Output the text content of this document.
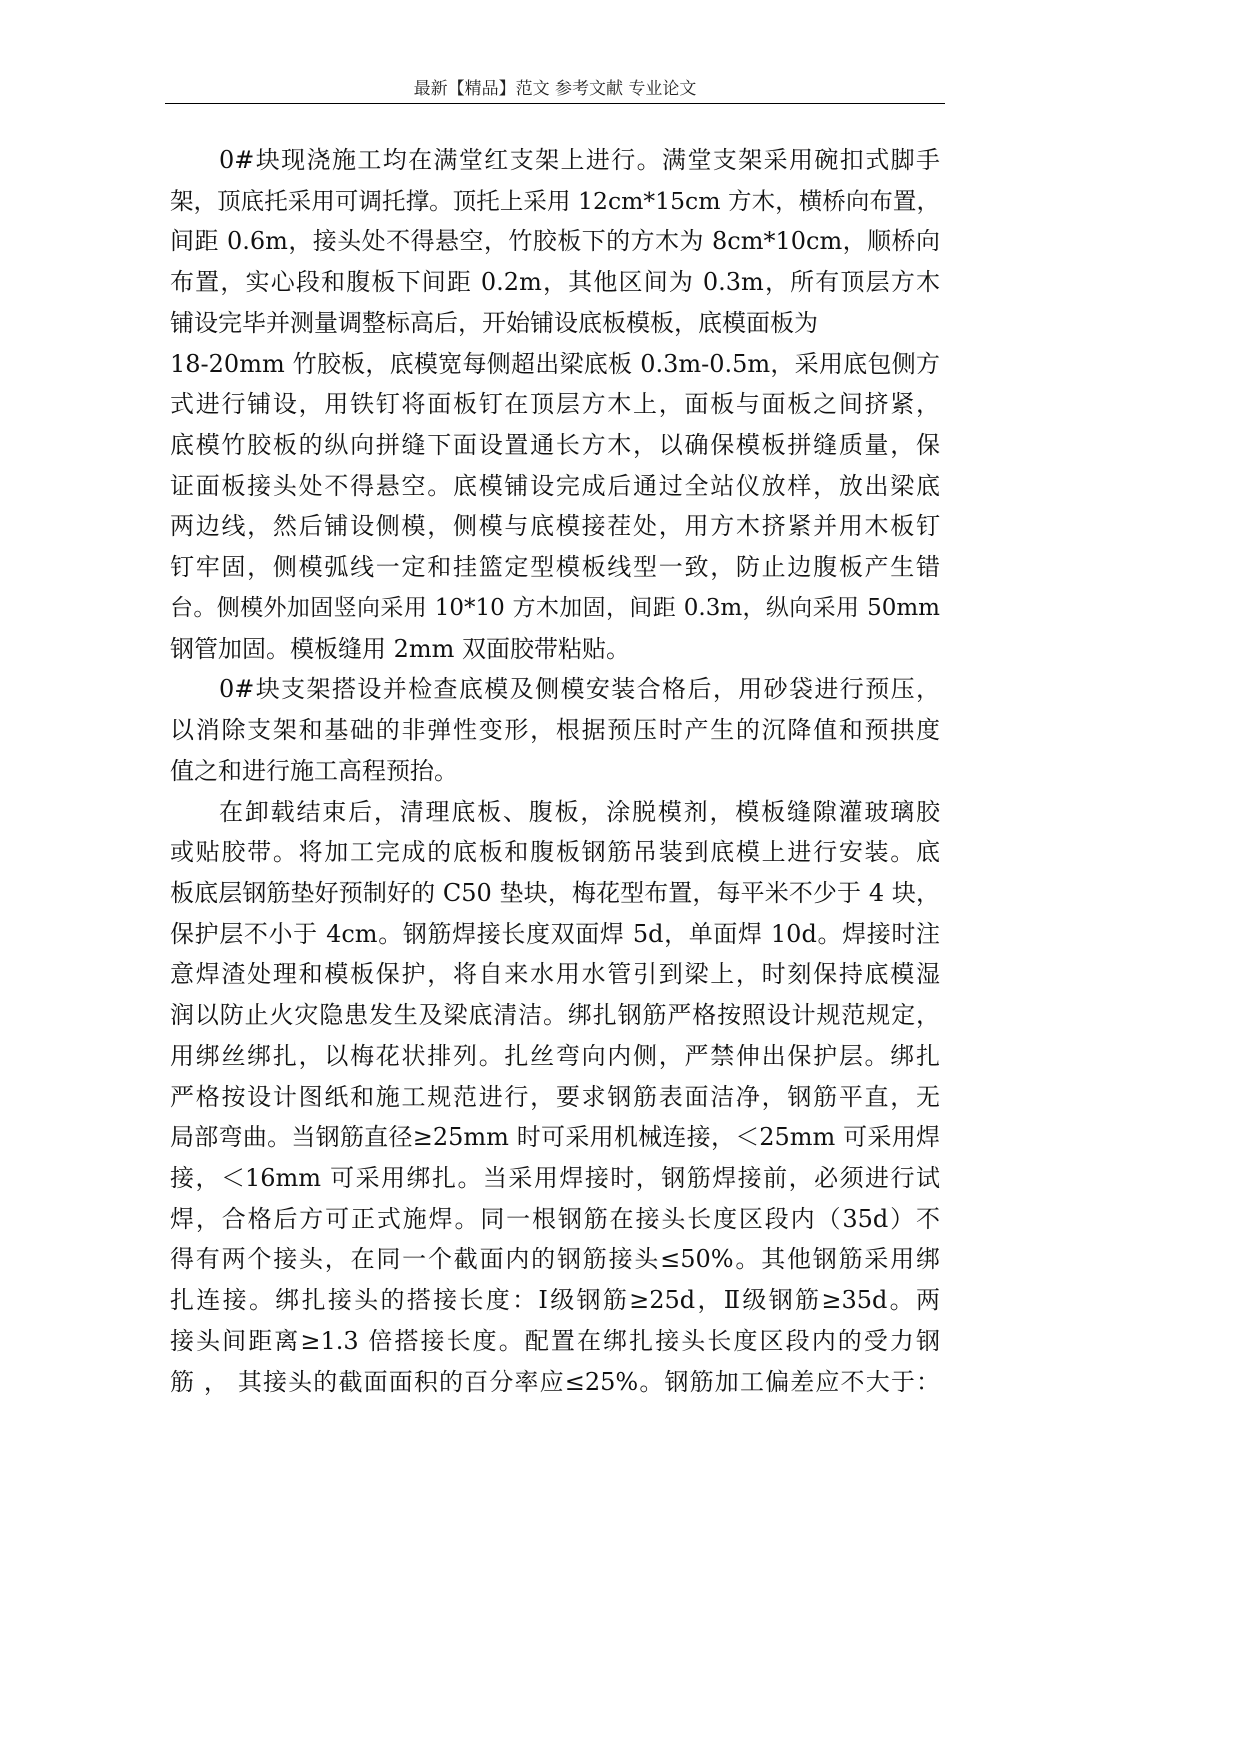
最新【精品】范文 参考文献 专业论文
0#块现浇施工均在满堂红支架上进行。满堂支架采用碗扣式脚手
架，顶底托采用可调托撑。顶托上采用 12cm*15cm 方木，横桥向布置，
间距 0.6m，接头处不得悬空，竹胶板下的方木为 8cm*10cm，顺桥向
布置，实心段和腹板下间距 0.2m，其他区间为 0.3m，所有顶层方木
铺设完毕并测量调整标高后，开始铺设底板模板，底模面板为
18-20mm 竹胶板，底模宽每侧超出梁底板 0.3m-0.5m，采用底包侧方
式进行铺设，用铁钉将面板钉在顶层方木上，面板与面板之间挤紧，
底模竹胶板的纵向拼缝下面设置通长方木，以确保模板拼缝质量，保
证面板接头处不得悬空。底模铺设完成后通过全站仪放样，放出梁底
两边线，然后铺设侧模，侧模与底模接茬处，用方木挤紧并用木板钉
钉牢固，侧模弧线一定和挂篮定型模板线型一致，防止边腹板产生错
台。侧模外加固竖向采用 10*10 方木加固，间距 0.3m，纵向采用 50mm
钢管加固。模板缝用 2mm 双面胶带粘贴。
0#块支架搭设并检查底模及侧模安装合格后，用砂袋进行预压，
以消除支架和基础的非弹性变形，根据预压时产生的沉降值和预拱度
值之和进行施工高程预抬。
在卸载结束后，清理底板、腹板，涂脱模剂，模板缝隙灌玻璃胶
或贴胶带。将加工完成的底板和腹板钢筋吊装到底模上进行安装。底
板底层钢筋垫好预制好的 C50 垫块，梅花型布置，每平米不少于 4 块，
保护层不小于 4cm。钢筋焊接长度双面焊 5d，单面焊 10d。焊接时注
意焊渣处理和模板保护，将自来水用水管引到梁上，时刻保持底模湿
润以防止火灾隐患发生及梁底清洁。绑扎钢筋严格按照设计规范规定，
用绑丝绑扎，以梅花状排列。扎丝弯向内侧，严禁伸出保护层。绑扎
严格按设计图纸和施工规范进行，要求钢筋表面洁净，钢筋平直，无
局部弯曲。当钢筋直径≥25mm 时可采用机械连接，＜25mm 可采用焊
接，＜16mm 可采用绑扎。当采用焊接时，钢筋焊接前，必须进行试
焊，合格后方可正式施焊。同一根钢筋在接头长度区段内（35d）不
得有两个接头，在同一个截面内的钢筋接头≤50%。其他钢筋采用绑
扎连接。绑扎接头的搭接长度：Ⅰ级钢筋≥25d，Ⅱ级钢筋≥35d。两
接头间距离≥1.3 倍搭接长度。配置在绑扎接头长度区段内的受力钢
筋 ， 其接头的截面面积的百分率应≤25%。钢筋加工偏差应不大于：
